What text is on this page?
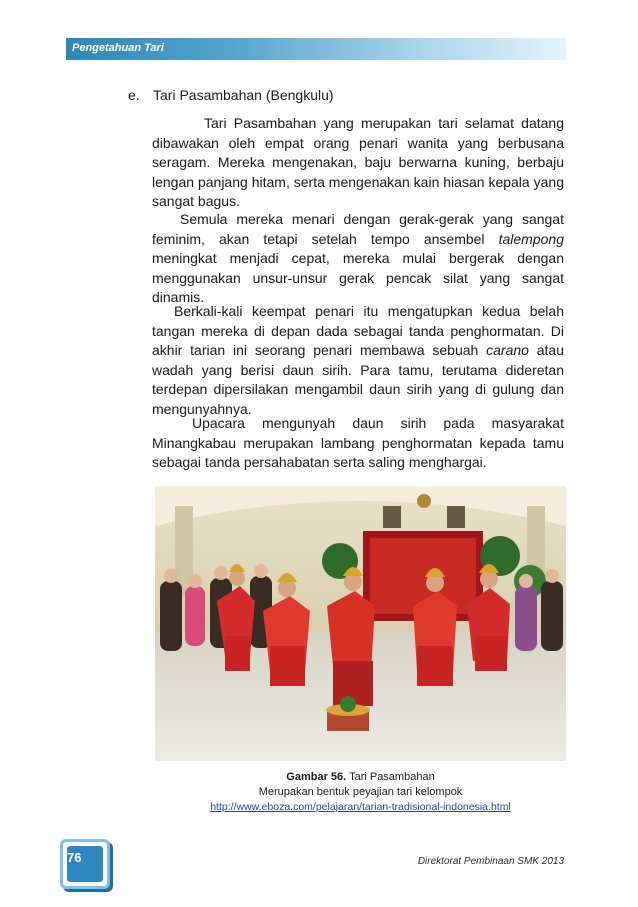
Pengetahuan Tari
e. Tari Pasambahan (Bengkulu)

Tari Pasambahan yang merupakan tari selamat datang dibawakan oleh empat orang penari wanita yang berbusana seragam. Mereka mengenakan, baju berwarna kuning, berbaju lengan panjang hitam, serta mengenakan kain hiasan kepala yang sangat bagus.

Semula mereka menari dengan gerak-gerak yang sangat feminim, akan tetapi setelah tempo ansembel talempong meningkat menjadi cepat, mereka mulai bergerak dengan menggunakan unsur-unsur gerak pencak silat yang sangat dinamis.

Berkali-kali keempat penari itu mengatupkan kedua belah tangan mereka di depan dada sebagai tanda penghormatan. Di akhir tarian ini seorang penari membawa sebuah carano atau wadah yang berisi daun sirih. Para tamu, terutama dideretan terdepan dipersilakan mengambil daun sirih yang di gulung dan mengunyahnya.

Upacara mengunyah daun sirih pada masyarakat Minangkabau merupakan lambang penghormatan kepada tamu sebagai tanda persahabatan serta saling menghargai.

Gambar 56. Tari Pasambahan
Merupakan bentuk peyajian tari kelompok
http://www.eboza.com/pelajaran/tarian-tradisional-indonesia.html
76	Direktorat Pembinaan SMK 2013
